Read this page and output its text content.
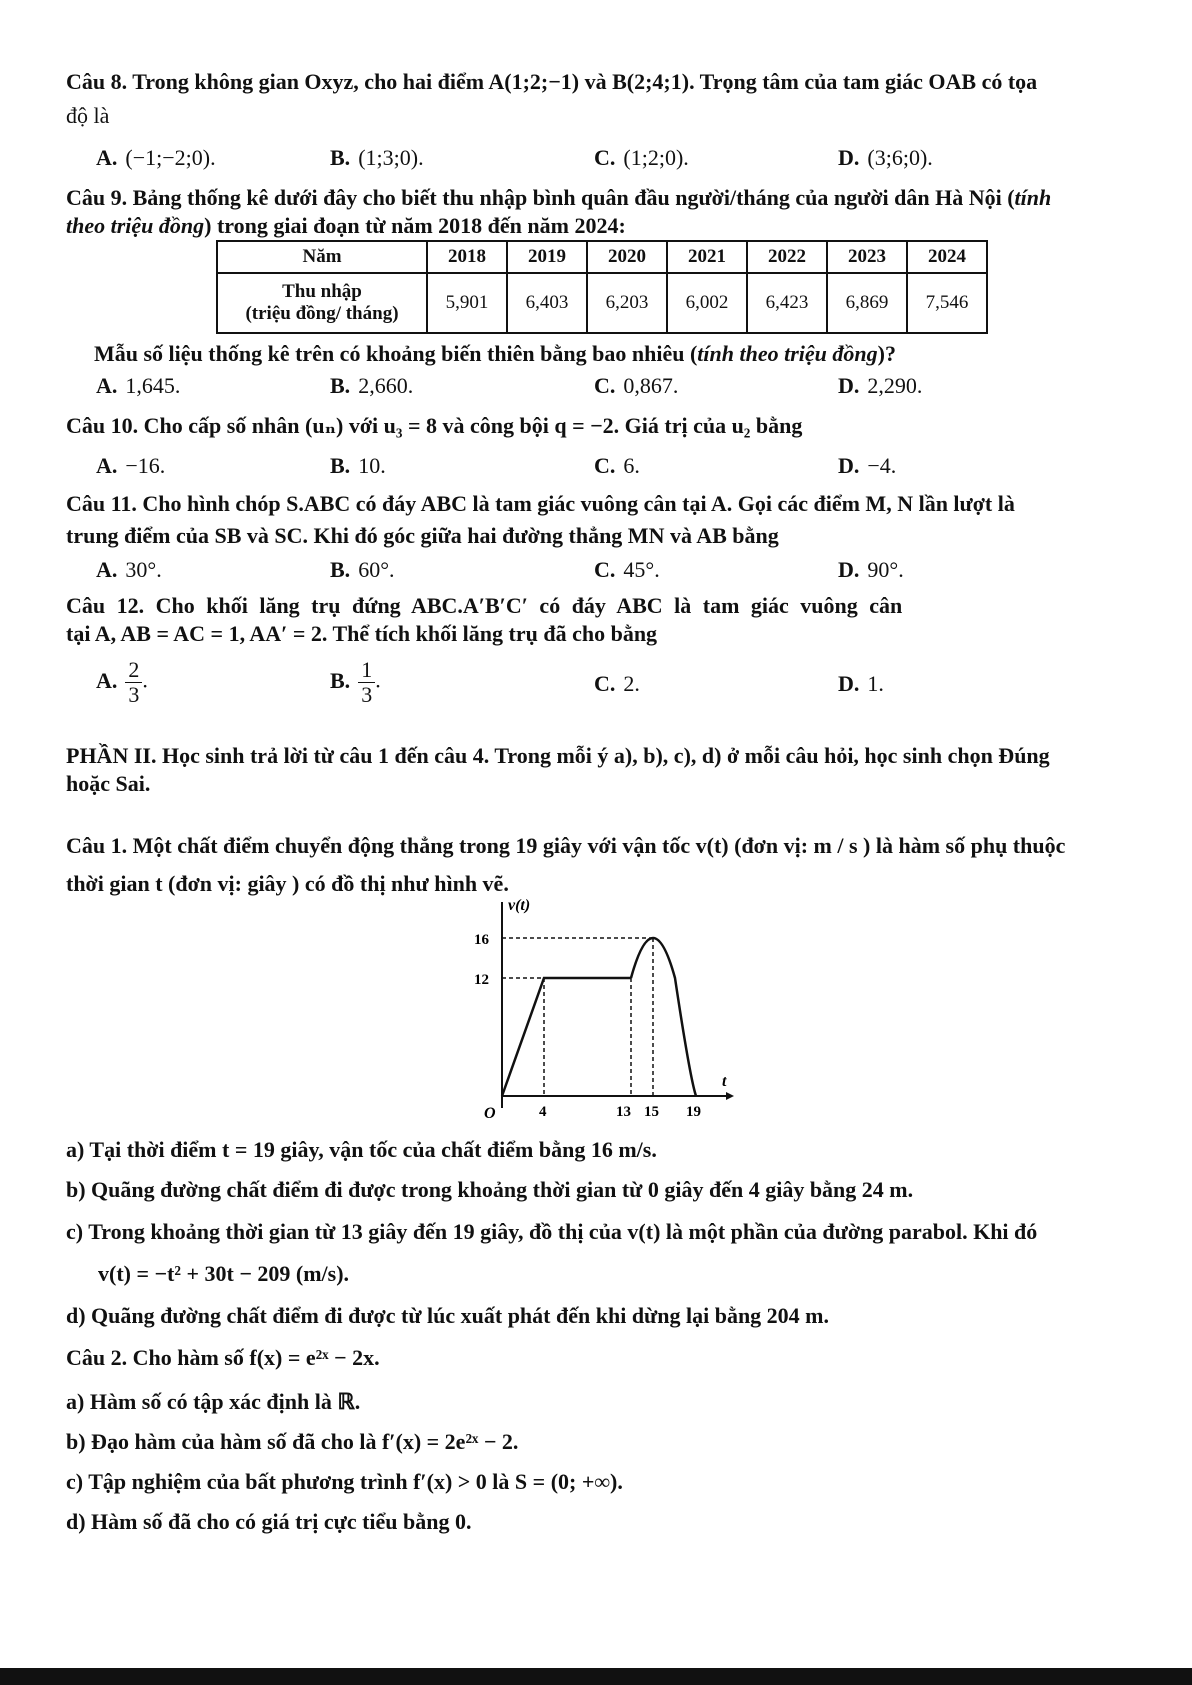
Câu 8. Trong không gian Oxyz, cho hai điểm A(1;2;−1) và B(2;4;1). Trọng tâm của tam giác OAB có tọa
độ là
A. (−1;−2;0).	B. (1;3;0).	C. (1;2;0).	D. (3;6;0).
Câu 9. Bảng thống kê dưới đây cho biết thu nhập bình quân đầu người/tháng của người dân Hà Nội (tính
theo triệu đồng) trong giai đoạn từ năm 2018 đến năm 2024:
Năm	2018	2019	2020	2021	2022	2023	2024

Thu nhập
(triệu đồng/ tháng)	5,901	6,403	6,203	6,002	6,423	6,869	7,546
Mẫu số liệu thống kê trên có khoảng biến thiên bằng bao nhiêu (tính theo triệu đồng)?
A. 1,645.	B. 2,660.	C. 0,867.	D. 2,290.
Câu 10. Cho cấp số nhân (uₙ) với u₃ = 8 và công bội q = −2. Giá trị của u₂ bằng
A. −16.	B. 10.	C. 6.	D. −4.
Câu 11. Cho hình chóp S.ABC có đáy ABC là tam giác vuông cân tại A. Gọi các điểm M, N lần lượt là
trung điểm của SB và SC. Khi đó góc giữa hai đường thẳng MN và AB bằng
A. 30°.	B. 60°.	C. 45°.	D. 90°.
Câu 12. Cho khối lăng trụ đứng ABC.A′B′C′ có đáy ABC là tam giác vuông cân
tại A, AB = AC = 1, AA′ = 2. Thể tích khối lăng trụ đã cho bằng
A. $\frac{2}{3}$ .	B. $\frac{1}{3}$ .	C. 2.	D. 1.
PHẦN II. Học sinh trả lời từ câu 1 đến câu 4. Trong mỗi ý a), b), c), d) ở mỗi câu hỏi, học sinh chọn Đúng
hoặc Sai.
Câu 1. Một chất điểm chuyển động thẳng trong 19 giây với vận tốc v(t) (đơn vị: m / s ) là hàm số phụ thuộc
thời gian t (đơn vị: giây ) có đồ thị như hình vẽ.
v(t)
16
12
O	4	13 15 19
t
a) Tại thời điểm t = 19 giây, vận tốc của chất điểm bằng 16 m/s.
b) Quãng đường chất điểm đi được trong khoảng thời gian từ 0 giây đến 4 giây bằng 24 m.
c) Trong khoảng thời gian từ 13 giây đến 19 giây, đồ thị của v(t) là một phần của đường parabol. Khi đó
v(t) = −t² + 30t − 209 (m/s).
d) Quãng đường chất điểm đi được từ lúc xuất phát đến khi dừng lại bằng 204 m.
Câu 2. Cho hàm số f(x) = e²ˣ − 2x.
a) Hàm số có tập xác định là ℝ.
b) Đạo hàm của hàm số đã cho là f′(x) = 2e²ˣ − 2.
c) Tập nghiệm của bất phương trình f′(x) > 0 là S = (0; +∞).
d) Hàm số đã cho có giá trị cực tiểu bằng 0.
